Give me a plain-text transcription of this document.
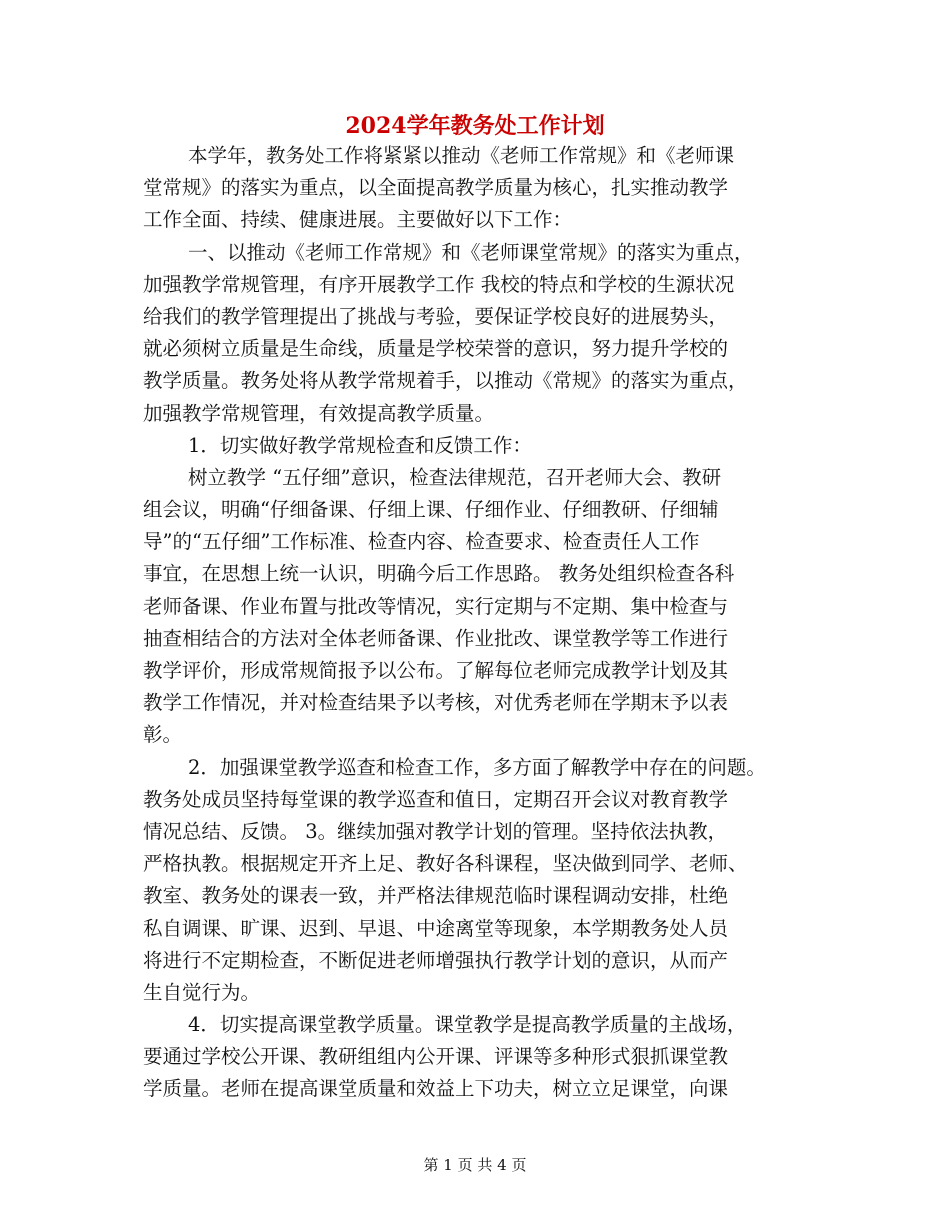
2024学年教务处工作计划
本学年，教务处工作将紧紧以推动《老师工作常规》和《老师课
堂常规》的落实为重点，以全面提高教学质量为核心，扎实推动教学
工作全面、持续、健康进展。主要做好以下工作：
一、以推动《老师工作常规》和《老师课堂常规》的落实为重点，
加强教学常规管理，有序开展教学工作 我校的特点和学校的生源状况
给我们的教学管理提出了挑战与考验，要保证学校良好的进展势头，
就必须树立质量是生命线，质量是学校荣誉的意识，努力提升学校的
教学质量。教务处将从教学常规着手，以推动《常规》的落实为重点，
加强教学常规管理，有效提高教学质量。
1．切实做好教学常规检查和反馈工作：
树立教学 “五仔细”意识，检查法律规范，召开老师大会、教研
组会议，明确“仔细备课、仔细上课、仔细作业、仔细教研、仔细辅
导”的“五仔细”工作标准、检查内容、检查要求、检查责任人工作
事宜，在思想上统一认识，明确今后工作思路。 教务处组织检查各科
老师备课、作业布置与批改等情况，实行定期与不定期、集中检查与
抽查相结合的方法对全体老师备课、作业批改、课堂教学等工作进行
教学评价，形成常规简报予以公布。了解每位老师完成教学计划及其
教学工作情况，并对检查结果予以考核，对优秀老师在学期末予以表
彰。
2．加强课堂教学巡查和检查工作，多方面了解教学中存在的问题。
教务处成员坚持每堂课的教学巡查和值日，定期召开会议对教育教学
情况总结、反馈。 3。继续加强对教学计划的管理。坚持依法执教，
严格执教。根据规定开齐上足、教好各科课程，坚决做到同学、老师、
教室、教务处的课表一致，并严格法律规范临时课程调动安排，杜绝
私自调课、旷课、迟到、早退、中途离堂等现象，本学期教务处人员
将进行不定期检查，不断促进老师增强执行教学计划的意识，从而产
生自觉行为。
4．切实提高课堂教学质量。课堂教学是提高教学质量的主战场，
要通过学校公开课、教研组组内公开课、评课等多种形式狠抓课堂教
学质量。老师在提高课堂质量和效益上下功夫，树立立足课堂，向课
第 1 页 共 4 页
